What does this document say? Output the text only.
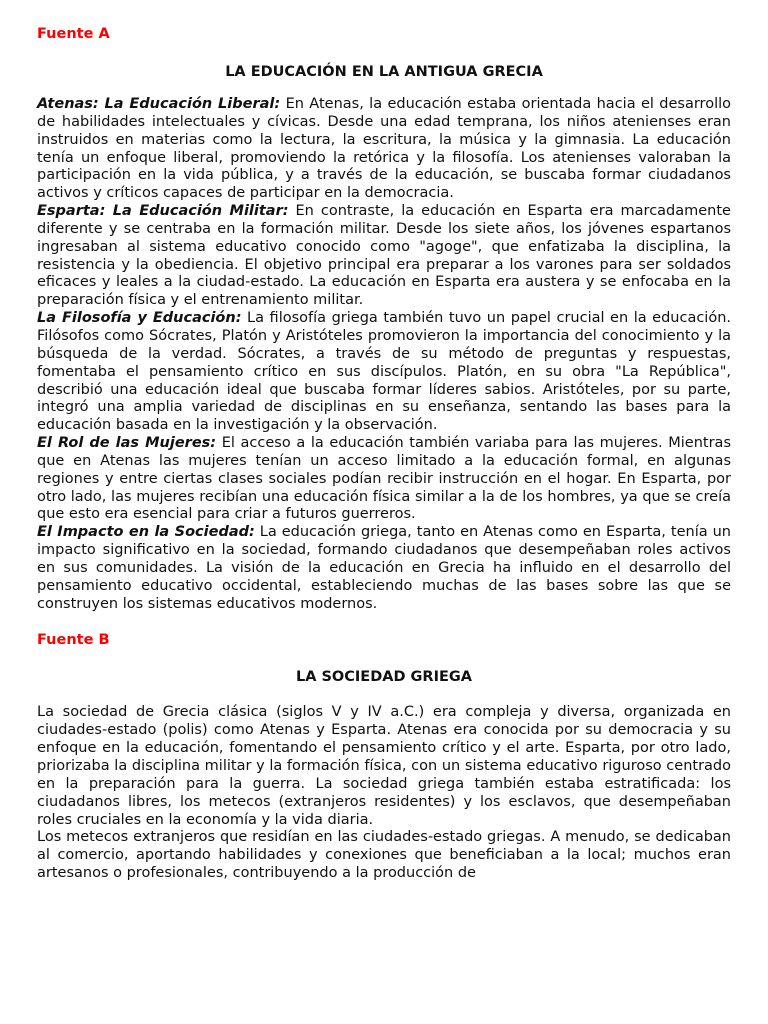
Fuente A

LA EDUCACIÓN EN LA ANTIGUA GRECIA

Atenas: La Educación Liberal: En Atenas, la educación estaba orientada hacia el desarrollo de habilidades intelectuales y cívicas. Desde una edad temprana, los niños atenienses eran instruidos en materias como la lectura, la escritura, la música y la gimnasia. La educación tenía un enfoque liberal, promoviendo la retórica y la filosofía. Los atenienses valoraban la participación en la vida pública, y a través de la educación, se buscaba formar ciudadanos activos y críticos capaces de participar en la democracia.

Esparta: La Educación Militar: En contraste, la educación en Esparta era marcadamente diferente y se centraba en la formación militar. Desde los siete años, los jóvenes espartanos ingresaban al sistema educativo conocido como "agoge", que enfatizaba la disciplina, la resistencia y la obediencia. El objetivo principal era preparar a los varones para ser soldados eficaces y leales a la ciudad-estado. La educación en Esparta era austera y se enfocaba en la preparación física y el entrenamiento militar.

La Filosofía y Educación: La filosofía griega también tuvo un papel crucial en la educación. Filósofos como Sócrates, Platón y Aristóteles promovieron la importancia del conocimiento y la búsqueda de la verdad. Sócrates, a través de su método de preguntas y respuestas, fomentaba el pensamiento crítico en sus discípulos. Platón, en su obra "La República", describió una educación ideal que buscaba formar líderes sabios. Aristóteles, por su parte, integró una amplia variedad de disciplinas en su enseñanza, sentando las bases para la educación basada en la investigación y la observación.

El Rol de las Mujeres: El acceso a la educación también variaba para las mujeres. Mientras que en Atenas las mujeres tenían un acceso limitado a la educación formal, en algunas regiones y entre ciertas clases sociales podían recibir instrucción en el hogar. En Esparta, por otro lado, las mujeres recibían una educación física similar a la de los hombres, ya que se creía que esto era esencial para criar a futuros guerreros.

El Impacto en la Sociedad: La educación griega, tanto en Atenas como en Esparta, tenía un impacto significativo en la sociedad, formando ciudadanos que desempeñaban roles activos en sus comunidades. La visión de la educación en Grecia ha influido en el desarrollo del pensamiento educativo occidental, estableciendo muchas de las bases sobre las que se construyen los sistemas educativos modernos.

Fuente B

LA SOCIEDAD GRIEGA

La sociedad de Grecia clásica (siglos V y IV a.C.) era compleja y diversa, organizada en ciudades-estado (polis) como Atenas y Esparta. Atenas era conocida por su democracia y su enfoque en la educación, fomentando el pensamiento crítico y el arte. Esparta, por otro lado, priorizaba la disciplina militar y la formación física, con un sistema educativo riguroso centrado en la preparación para la guerra. La sociedad griega también estaba estratificada: los ciudadanos libres, los metecos (extranjeros residentes) y los esclavos, que desempeñaban roles cruciales en la economía y la vida diaria.

Los metecos extranjeros que residían en las ciudades-estado griegas. A menudo, se dedicaban al comercio, aportando habilidades y conexiones que beneficiaban a la local; muchos eran artesanos o profesionales, contribuyendo a la producción de
